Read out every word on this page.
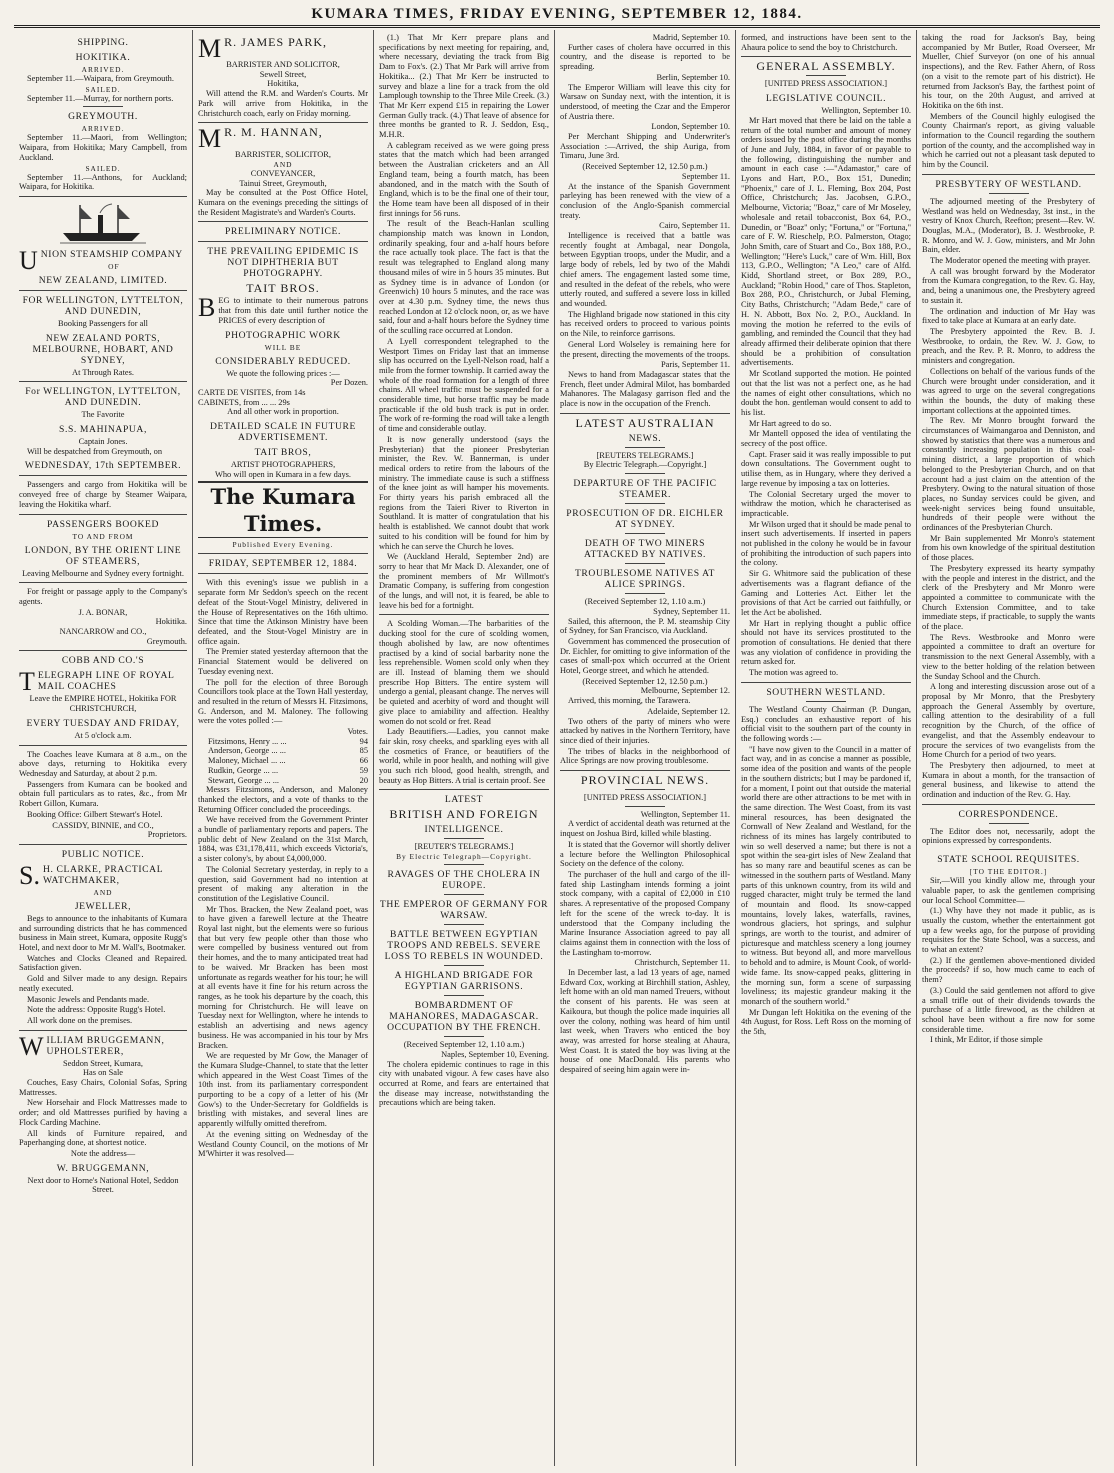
KUMARA TIMES, FRIDAY EVENING, SEPTEMBER 12, 1884.
SHIPPING.
HOKITIKA.
ARRIVED.

September 11.—Waipara, from Greymouth.

SAILED.

September 11.—Murray, for northern ports.

GREYMOUTH.
ARRIVED.

September 11.—Maori, from Wellington; Waipara, from Hokitika; Mary Campbell, from Auckland.

SAILED.

September 11.—Anthons, for Auckland; Waipara, for Hokitika.

U NION STEAMSHIP COMPANY
OF
NEW ZEALAND, LIMITED.
FOR WELLINGTON, LYTTELTON, AND DUNEDIN,
Booking Passengers for all
NEW ZEALAND PORTS, MELBOURNE, HOBART, AND SYDNEY,
At Through Rates.
For WELLINGTON, LYTTELTON, AND DUNEDIN.
The Favorite
S.S. MAHINAPUA,
Captain Jones.

Will be despatched from Greymouth, on

WEDNESDAY, 17th SEPTEMBER.

Passengers and cargo from Hokitika will be conveyed free of charge by Steamer Waipara, leaving the Hokitika wharf.

PASSENGERS BOOKED
TO AND FROM
LONDON, BY THE ORIENT LINE OF STEAMERS,
Leaving Melbourne and Sydney every fortnight.

For freight or passage apply to the Company's agents.

J. A. BONAR,
Hokitika.
NANCARROW and CO.,
Greymouth.
COBB AND CO.'S
T ELEGRAPH LINE OF ROYAL MAIL COACHES
Leave the EMPIRE HOTEL, Hokitika FOR CHRISTCHURCH,
EVERY TUESDAY AND FRIDAY,
At 5 o'clock a.m.

The Coaches leave Kumara at 8 a.m., on the above days, returning to Hokitika every Wednesday and Saturday, at about 2 p.m.

Passengers from Kumara can be booked and obtain full particulars as to rates, &c., from Mr Robert Gillon, Kumara.

Booking Office: Gilbert Stewart's Hotel.

CASSIDY, BINNIE, and CO.,
Proprietors.
PUBLIC NOTICE.
S. H. CLARKE, PRACTICAL WATCHMAKER,
AND
JEWELLER,

Begs to announce to the inhabitants of Kumara and surrounding districts that he has commenced business in Main street, Kumara, opposite Rugg's Hotel, and next door to Mr M. Wall's, Bootmaker.

Watches and Clocks Cleaned and Repaired. Satisfaction given.

Gold and Silver made to any design. Repairs neatly executed.

Masonic Jewels and Pendants made.

Note the address: Opposite Rugg's Hotel.

All work done on the premises.

W ILLIAM BRUGGEMANN, UPHOLSTERER,
Seddon Street, Kumara,
Has on Sale

Couches, Easy Chairs, Colonial Sofas, Spring Mattresses.

New Horsehair and Flock Mattresses made to order; and old Mattresses purified by having a Flock Carding Machine.

All kinds of Furniture repaired, and Paperhanging done, at shortest notice.

Note the address—
W. BRUGGEMANN,
Next door to Horne's National Hotel, Seddon Street.
M R. JAMES PARK,
BARRISTER AND SOLICITOR,
Sewell Street,
Hokitika,

Will attend the R.M. and Warden's Courts. Mr Park will arrive from Hokitika, in the Christchurch coach, early on Friday morning.

M R. M. HANNAN,
BARRISTER, SOLICITOR,
AND
CONVEYANCER,
Tainui Street, Greymouth,

May be consulted at the Post Office Hotel, Kumara on the evenings preceding the sittings of the Resident Magistrate's and Warden's Courts.

PRELIMINARY NOTICE.
THE PREVAILING EPIDEMIC IS NOT DIPHTHERIA BUT PHOTOGRAPHY.
TAIT BROS.
BEG to intimate to their numerous patrons that from this date until further notice the PRICES of every description of
PHOTOGRAPHIC WORK
WILL BE
CONSIDERABLY REDUCED.
We quote the following prices :—
Per Dozen.
CARTE DE VISITES, from 14s
CABINETS, from ... ... 29s
And all other work in proportion.
DETAILED SCALE IN FUTURE ADVERTISEMENT.
TAIT BROS,
ARTIST PHOTOGRAPHERS,
Who will open in Kumara in a few days.
The Kumara Times.
Published Every Evening.
FRIDAY, SEPTEMBER 12, 1884.

With this evening's issue we publish in a separate form Mr Seddon's speech on the recent defeat of the Stout-Vogel Ministry, delivered in the House of Representatives on the 16th ultimo. Since that time the Atkinson Ministry have been defeated, and the Stout-Vogel Ministry are in office again.

The Premier stated yesterday afternoon that the Financial Statement would be delivered on Tuesday evening next.

The poll for the election of three Borough Councillors took place at the Town Hall yesterday, and resulted in the return of Messrs H. Fitzsimons, G. Anderson, and M. Maloney. The following were the votes polled :—

Votes.
Fitzsimons, Henry ... ...	94
Anderson, George ... ...	85
Maloney, Michael ... ...	66
Rudkin, George ... ...	59
Stewart, George ... ...	20

Messrs Fitzsimons, Anderson, and Maloney thanked the electors, and a vote of thanks to the Returning Officer concluded the proceedings.

We have received from the Government Printer a bundle of parliamentary reports and papers. The public debt of New Zealand on the 31st March, 1884, was £31,178,411, which exceeds Victoria's, a sister colony's, by about £4,000,000.

The Colonial Secretary yesterday, in reply to a question, said Government had no intention at present of making any alteration in the constitution of the Legislative Council.

Mr Thos. Bracken, the New Zealand poet, was to have given a farewell lecture at the Theatre Royal last night, but the elements were so furious that but very few people other than those who were compelled by business ventured out from their homes, and the to many anticipated treat had to be waived. Mr Bracken has been most unfortunate as regards weather for his tour; he will at all events have it fine for his return across the ranges, as he took his departure by the coach, this morning for Christchurch. He will leave on Tuesday next for Wellington, where he intends to establish an advertising and news agency business. He was accompanied in his tour by Mrs Bracken.

We are requested by Mr Gow, the Manager of the Kumara Sludge-Channel, to state that the letter which appeared in the West Coast Times of the 10th inst. from its parliamentary correspondent purporting to be a copy of a letter of his (Mr Gow's) to the Under-Secretary for Goldfields is bristling with mistakes, and several lines are apparently wilfully omitted therefrom.

At the evening sitting on Wednesday of the Westland County Council, on the motions of Mr M'Whirter it was resolved—

(1.) That Mr Kerr prepare plans and specifications by next meeting for repairing, and, where necessary, deviating the track from Big Dam to Fox's. (2.) That Mr Park will arrive from Hokitika... (2.) That Mr Kerr be instructed to survey and blaze a line for a track from the old Lamplough township to the Three Mile Creek. (3.) That Mr Kerr expend £15 in repairing the Lower German Gully track. (4.) That leave of absence for three months be granted to R. J. Seddon, Esq., M.H.R.

A cablegram received as we were going press states that the match which had been arranged between the Australian cricketers and an All England team, being a fourth match, has been abandoned, and in the match with the South of England, which is to be the final one of their tour, the Home team have been all disposed of in their first innings for 56 runs.

The result of the Beach-Hanlan sculling championship match was known in London, ordinarily speaking, four and a-half hours before the race actually took place. The fact is that the result was telegraphed to England along many thousand miles of wire in 5 hours 35 minutes. But as Sydney time is in advance of London (or Greenwich) 10 hours 5 minutes, and the race was over at 4.30 p.m. Sydney time, the news thus reached London at 12 o'clock noon, or, as we have said, four and a-half hours before the Sydney time of the sculling race occurred at London.

A Lyell correspondent telegraphed to the Westport Times on Friday last that an immense slip has occurred on the Lyell-Nelson road, half a mile from the former township. It carried away the whole of the road formation for a length of three chains. All wheel traffic must be suspended for a considerable time, but horse traffic may be made practicable if the old bush track is put in order. The work of re-forming the road will take a length of time and considerable outlay.

It is now generally understood (says the Presbyterian) that the pioneer Presbyterian minister, the Rev. W. Bannerman, is under medical orders to retire from the labours of the ministry. The immediate cause is such a stiffness of the knee joint as will hamper his movements. For thirty years his parish embraced all the regions from the Taieri River to Riverton in Southland. It is matter of congratulation that his health is established. We cannot doubt that work suited to his condition will be found for him by which he can serve the Church he loves.

We (Auckland Herald, September 2nd) are sorry to hear that Mr Mack D. Alexander, one of the prominent members of Mr Willmott's Dramatic Company, is suffering from congestion of the lungs, and will not, it is feared, be able to leave his bed for a fortnight.

A Scolding Woman.—The barbarities of the ducking stool for the cure of scolding women, though abolished by law, are now oftentimes practised by a kind of social barbarity none the less reprehensible. Women scold only when they are ill. Instead of blaming them we should prescribe Hop Bitters. The entire system will undergo a genial, pleasant change. The nerves will be quieted and acerbity of word and thought will give place to amiability and affection. Healthy women do not scold or fret. Read

Lady Beautifiers.—Ladies, you cannot make fair skin, rosy cheeks, and sparkling eyes with all the cosmetics of France, or beautifiers of the world, while in poor health, and nothing will give you such rich blood, good health, strength, and beauty as Hop Bitters. A trial is certain proof. See

LATEST
BRITISH AND FOREIGN
INTELLIGENCE.
[REUTER'S TELEGRAMS.]
By Electric Telegraph—Copyright.
RAVAGES OF THE CHOLERA IN EUROPE.
THE EMPEROR OF GERMANY FOR WARSAW.
BATTLE BETWEEN EGYPTIAN TROOPS AND REBELS. SEVERE LOSS TO REBELS IN WOUNDED.
A HIGHLAND BRIGADE FOR EGYPTIAN GARRISONS.
BOMBARDMENT OF MAHANORES, MADAGASCAR. OCCUPATION BY THE FRENCH.
(Received September 12, 1.10 a.m.)
Naples, September 10, Evening.

The cholera epidemic continues to rage in this city with unabated vigour. A few cases have also occurred at Rome, and fears are entertained that the disease may increase, notwithstanding the precautions which are being taken.

Madrid, September 10.

Further cases of cholera have occurred in this country, and the disease is reported to be spreading.

Berlin, September 10.

The Emperor William will leave this city for Warsaw on Sunday next, with the intention, it is understood, of meeting the Czar and the Emperor of Austria there.

London, September 10.

Per Merchant Shipping and Underwriter's Association :—Arrived, the ship Auriga, from Timaru, June 3rd.

(Received September 12, 12.50 p.m.)
September 11.

At the instance of the Spanish Government parleying has been renewed with the view of a conclusion of the Anglo-Spanish commercial treaty.

Cairo, September 11.

Intelligence is received that a battle was recently fought at Ambagal, near Dongola, between Egyptian troops, under the Mudir, and a large body of rebels, led by two of the Mahdi chief amers. The engagement lasted some time, and resulted in the defeat of the rebels, who were utterly routed, and suffered a severe loss in killed and wounded.

The Highland brigade now stationed in this city has received orders to proceed to various points on the Nile, to reinforce garrisons.

General Lord Wolseley is remaining here for the present, directing the movements of the troops.

Paris, September 11.

News to hand from Madagascar states that the French, fleet under Admiral Milot, has bombarded Mahanores. The Malagasy garrison fled and the place is now in the occupation of the French.

LATEST AUSTRALIAN
NEWS.
[REUTERS TELEGRAMS.]
By Electric Telegraph.—Copyright.]
DEPARTURE OF THE PACIFIC STEAMER.
PROSECUTION OF DR. EICHLER AT SYDNEY.
DEATH OF TWO MINERS ATTACKED BY NATIVES.
TROUBLESOME NATIVES AT ALICE SPRINGS.
(Received September 12, 1.10 a.m.)
Sydney, September 11.

Sailed, this afternoon, the P. M. steamship City of Sydney, for San Francisco, via Auckland.

Government has commenced the prosecution of Dr. Eichler, for omitting to give information of the cases of small-pox which occurred at the Orient Hotel, George street, and which he attended.

(Received September 12, 12.50 p.m.)
Melbourne, September 12.

Arrived, this morning, the Tarawera.

Adelaide, September 12.

Two others of the party of miners who were attacked by natives in the Northern Territory, have since died of their injuries.

The tribes of blacks in the neighborhood of Alice Springs are now proving troublesome.

PROVINCIAL NEWS.
[UNITED PRESS ASSOCIATION.]
Wellington, September 11.

A verdict of accidental death was returned at the inquest on Joshua Bird, killed while blasting.

It is stated that the Governor will shortly deliver a lecture before the Wellington Philosophical Society on the defence of the colony.

The purchaser of the hull and cargo of the ill-fated ship Lastingham intends forming a joint stock company, with a capital of £2,000 in £10 shares. A representative of the proposed Company left for the scene of the wreck to-day. It is understood that the Company including the Marine Insurance Association agreed to pay all claims against them in connection with the loss of the Lastingham to-morrow.

Christchurch, September 11.

In December last, a lad 13 years of age, named Edward Cox, working at Birchhill station, Ashley, left home with an old man named Treuers, without the consent of his parents. He was seen at Kaikoura, but though the police made inquiries all over the colony, nothing was heard of him until last week, when Travers who enticed the boy away, was arrested for horse stealing at Ahaura, West Coast. It is stated the boy was living at the house of one MacDonald. His parents who despaired of seeing him again were in-

formed, and instructions have been sent to the Ahaura police to send the boy to Christchurch.

GENERAL ASSEMBLY.
[UNITED PRESS ASSOCIATION.]
LEGISLATIVE COUNCIL.
Wellington, September 10.

Mr Hart moved that there be laid on the table a return of the total number and amount of money orders issued by the post office during the months of June and July, 1884, in favor of or payable to the following, distinguishing the number and amount in each case :—"Adamastor," care of Lyons and Hart, P.O., Box 151, Dunedin; "Phoenix," care of J. L. Fleming, Box 204, Post Office, Christchurch; Jas. Jacobsen, G.P.O., Melbourne, Victoria; "Boaz," care of Mr Moseley, wholesale and retail tobacconist, Box 64, P.O., Dunedin, or "Boaz" only; "Fortuna," or "Fortuna," care of F. W. Rieschelp, P.O. Palmerston, Otago; John Smith, care of Stuart and Co., Box 188, P.O., Wellington; "Here's Luck," care of Wm. Hill, Box 113, G.P.O., Wellington; "A Leo," care of Alfd. Kidd, Shortland street, or Box 289, P.O., Auckland; "Robin Hood," care of Thos. Stapleton, Box 288, P.O., Christchurch, or Jubal Fleming, City Baths, Christchurch; "Adam Bede," care of H. N. Abbott, Box No. 2, P.O., Auckland. In moving the motion he referred to the evils of gambling, and reminded the Council that they had already affirmed their deliberate opinion that there should be a prohibition of consultation advertisements.

Mr Scotland supported the motion. He pointed out that the list was not a perfect one, as he had the names of eight other consultations, which no doubt the hon. gentleman would consent to add to his list.

Mr Hart agreed to do so.

Mr Mantell opposed the idea of ventilating the secrecy of the post office.

Capt. Fraser said it was really impossible to put down consultations. The Government ought to utilise them, as in Hungary, where they derived a large revenue by imposing a tax on lotteries.

The Colonial Secretary urged the mover to withdraw the motion, which he characterised as impracticable.

Mr Wilson urged that it should be made penal to insert such advertisements. If inserted in papers not published in the colony he would be in favour of prohibiting the introduction of such papers into the colony.

Sir G. Whitmore said the publication of these advertisements was a flagrant defiance of the Gaming and Lotteries Act. Either let the provisions of that Act be carried out faithfully, or let the Act be abolished.

Mr Hart in replying thought a public office should not have its services prostituted to the promotion of consultations. He denied that there was any violation of confidence in providing the return asked for.

The motion was agreed to.

SOUTHERN WESTLAND.

The Westland County Chairman (P. Dungan, Esq.) concludes an exhaustive report of his official visit to the southern part of the county in the following words :—

"I have now given to the Council in a matter of fact way, and in as concise a manner as possible, some idea of the position and wants of the people in the southern districts; but I may be pardoned if, for a moment, I point out that outside the material world there are other attractions to be met with in the same direction. The West Coast, from its vast mineral resources, has been designated the Cornwall of New Zealand and Westland, for the richness of its mines has largely contributed to win so well deserved a name; but there is not a spot within the sea-girt isles of New Zealand that has so many rare and beautiful scenes as can be witnessed in the southern parts of Westland. Many parts of this unknown country, from its wild and rugged character, might truly be termed the land of mountain and flood. Its snow-capped mountains, lovely lakes, waterfalls, ravines, wondrous glaciers, hot springs, and sulphur springs, are worth to the tourist, and admirer of picturesque and matchless scenery a long journey to witness. But beyond all, and more marvellous to behold and to admire, is Mount Cook, of world-wide fame. Its snow-capped peaks, glittering in the morning sun, form a scene of surpassing loveliness; its majestic grandeur making it the monarch of the southern world."

Mr Dungan left Hokitika on the evening of the 4th August, for Ross. Left Ross on the morning of the 5th,

taking the road for Jackson's Bay, being accompanied by Mr Butler, Road Overseer, Mr Mueller, Chief Surveyor (on one of his annual inspections), and the Rev. Father Ahern, of Ross (on a visit to the remote part of his district). He returned from Jackson's Bay, the farthest point of his tour, on the 20th August, and arrived at Hokitika on the 6th inst.

Members of the Council highly eulogised the County Chairman's report, as giving valuable information to the Council regarding the southern portion of the county, and the accomplished way in which he carried out not a pleasant task deputed to him by the Council.

PRESBYTERY OF WESTLAND.

The adjourned meeting of the Presbytery of Westland was held on Wednesday, 3st inst., in the vestry of Knox Church, Reefton; present—Rev. W. Douglas, M.A., (Moderator), B. J. Westbrooke, P. R. Monro, and W. J. Gow, ministers, and Mr John Bain, elder.

The Moderator opened the meeting with prayer.

A call was brought forward by the Moderator from the Kumara congregation, to the Rev. G. Hay, and, being a unanimous one, the Presbytery agreed to sustain it.

The ordination and induction of Mr Hay was fixed to take place at Kumara at an early date.

The Presbytery appointed the Rev. B. J. Westbrooke, to ordain, the Rev. W. J. Gow, to preach, and the Rev. P. R. Monro, to address the ministers and congregation.

Collections on behalf of the various funds of the Church were brought under consideration, and it was agreed to urge on the several congregations within the bounds, the duty of making these important collections at the appointed times.

The Rev. Mr Monro brought forward the circumstances of Waimangaroa and Denniston, and showed by statistics that there was a numerous and constantly increasing population in this coal-mining district, a large proportion of which belonged to the Presbyterian Church, and on that account had a just claim on the attention of the Presbytery. Owing to the natural situation of those places, no Sunday services could be given, and week-night services being found unsuitable, hundreds of their people were without the ordinances of the Presbyterian Church.

Mr Bain supplemented Mr Monro's statement from his own knowledge of the spiritual destitution of those places.

The Presbytery expressed its hearty sympathy with the people and interest in the district, and the clerk of the Presbytery and Mr Monro were appointed a committee to communicate with the Church Extension Committee, and to take immediate steps, if practicable, to supply the wants of the place.

The Revs. Westbrooke and Monro were appointed a committee to draft an overture for transmission to the next General Assembly, with a view to the better holding of the relation between the Sunday School and the Church.

A long and interesting discussion arose out of a proposal by Mr Monro, that the Presbytery approach the General Assembly by overture, calling attention to the desirability of a full recognition by the Church, of the office of evangelist, and that the Assembly endeavour to procure the services of two evangelists from the Home Church for a period of two years.

The Presbytery then adjourned, to meet at Kumara in about a month, for the transaction of general business, and likewise to attend the ordination and induction of the Rev. G. Hay.

CORRESPONDENCE.

The Editor does not, necessarily, adopt the opinions expressed by correspondents.

STATE SCHOOL REQUISITES.
[TO THE EDITOR.]

Sir,—Will you kindly allow me, through your valuable paper, to ask the gentlemen comprising our local School Committee—

(1.) Why have they not made it public, as is usually the custom, whether the entertainment got up a few weeks ago, for the purpose of providing requisites for the State School, was a success, and to what an extent?

(2.) If the gentlemen above-mentioned divided the proceeds? if so, how much came to each of them?

(3.) Could the said gentlemen not afford to give a small trifle out of their dividends towards the purchase of a little firewood, as the children at school have been without a fire now for some considerable time.

I think, Mr Editor, if those simple
